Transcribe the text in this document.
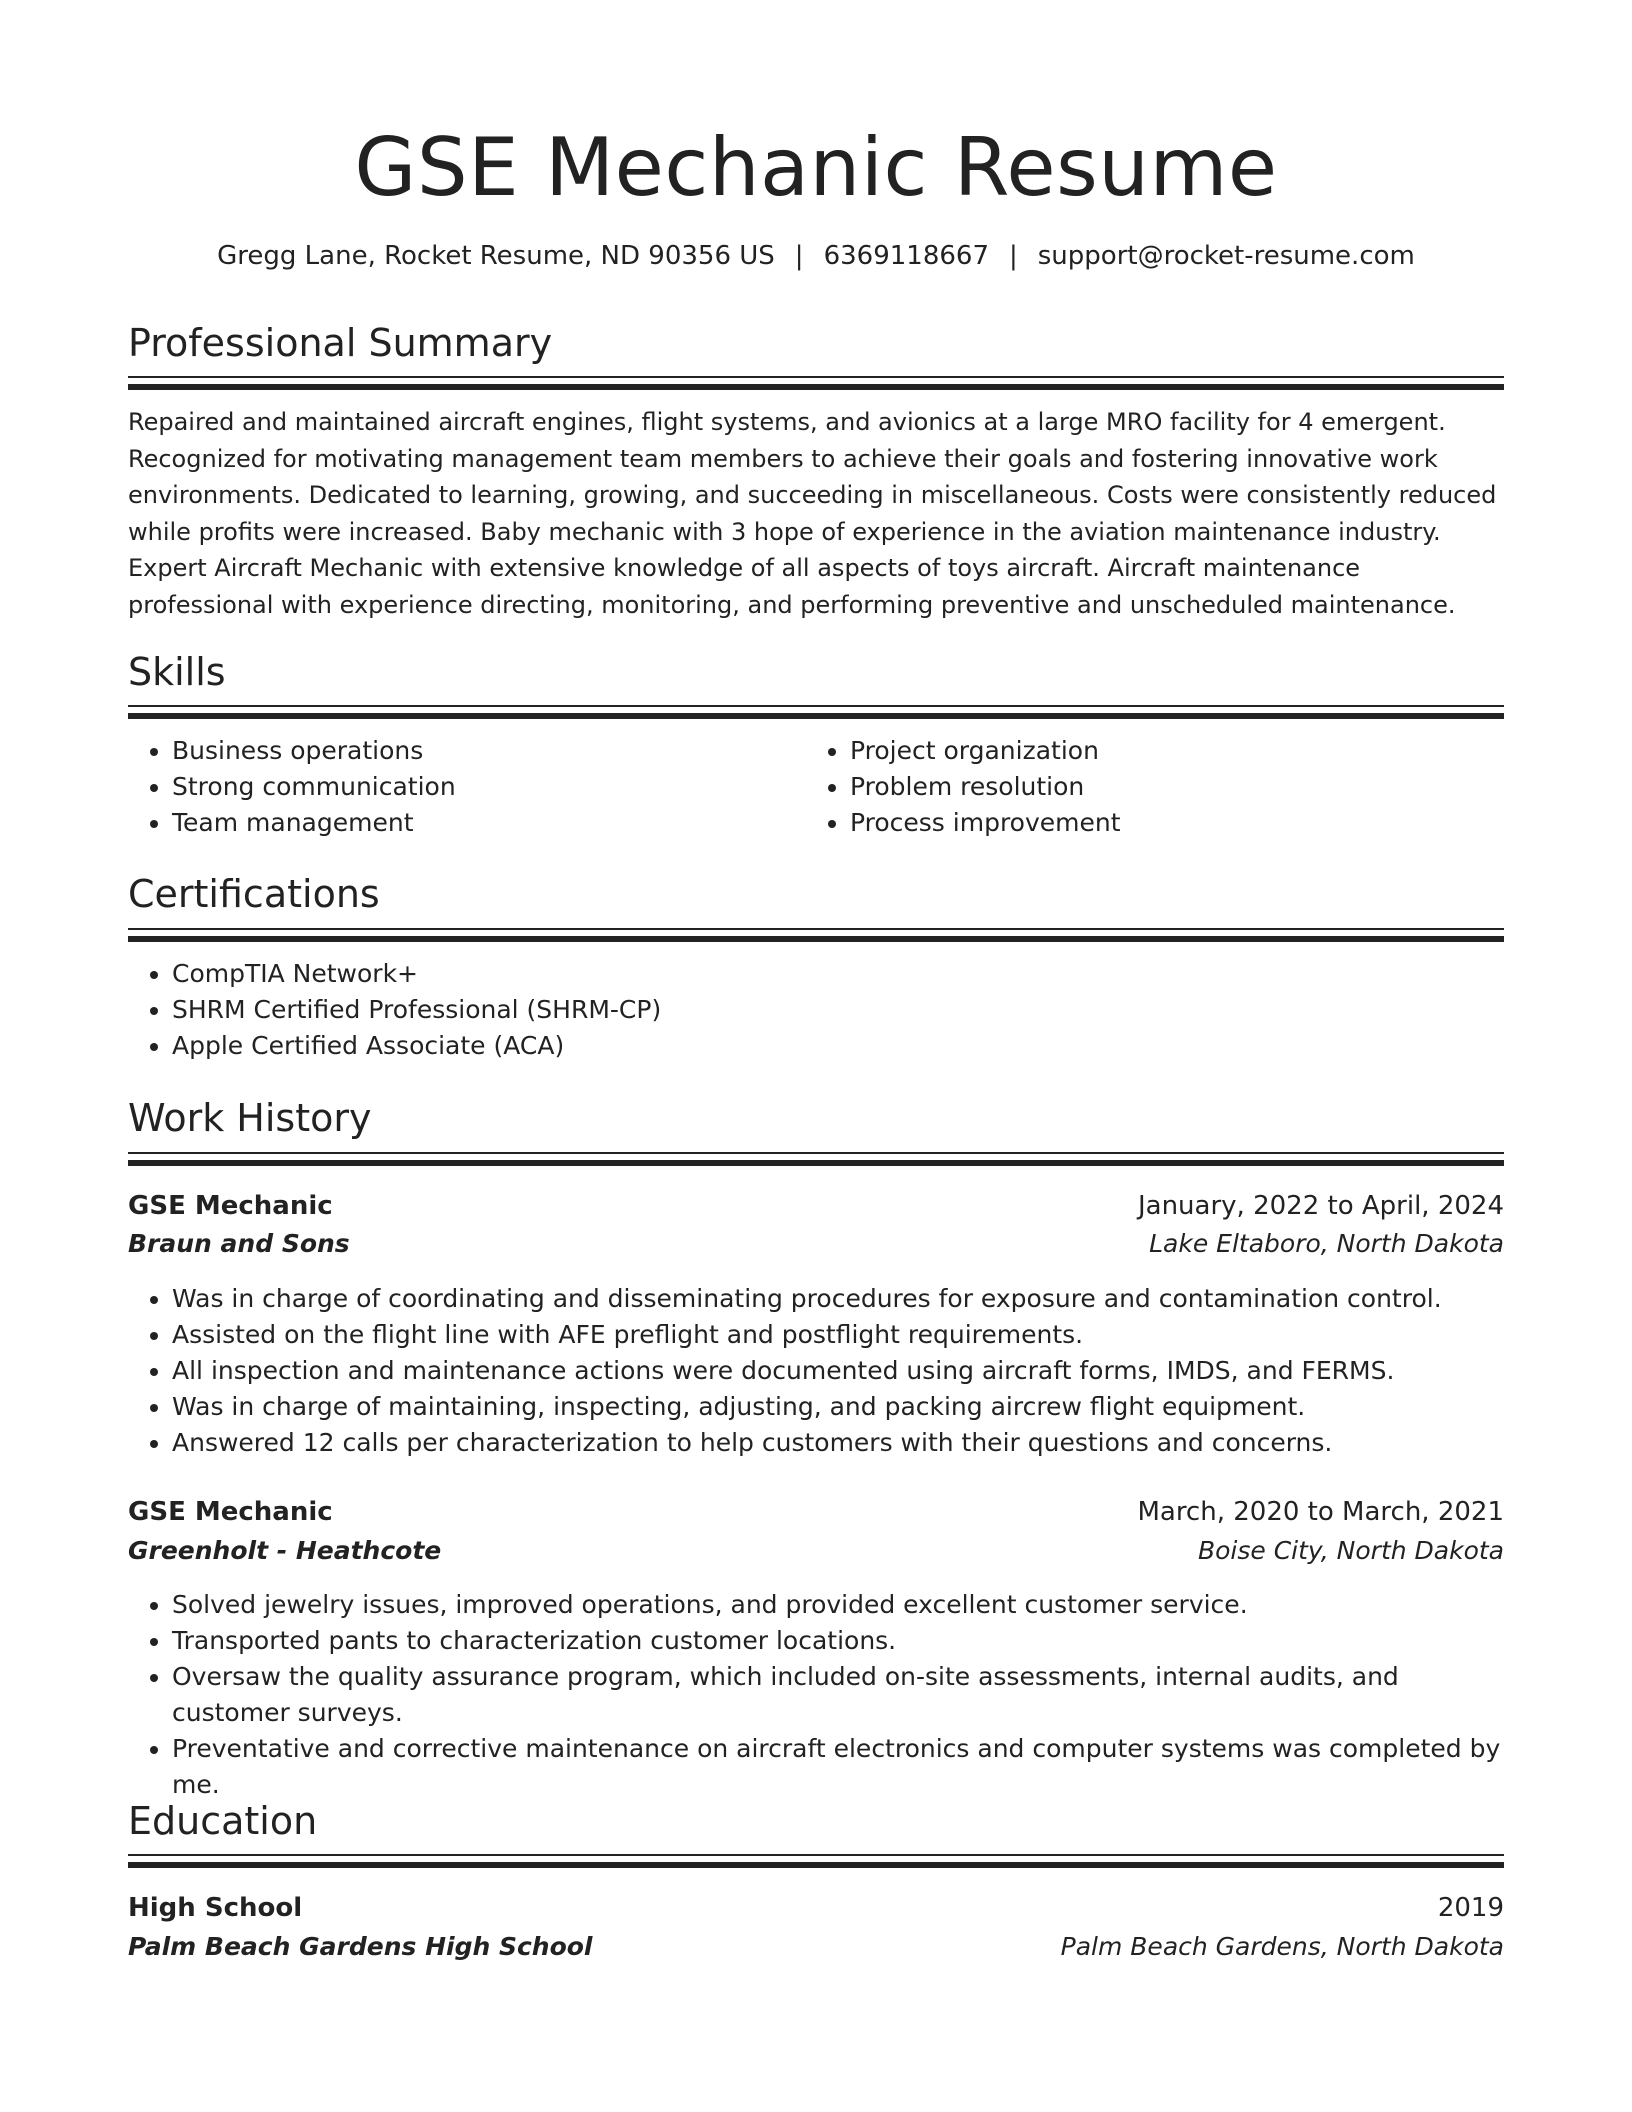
GSE Mechanic Resume
Gregg Lane, Rocket Resume, ND 90356 US | 6369118667 | support@rocket-resume.com
Professional Summary
Repaired and maintained aircraft engines, flight systems, and avionics at a large MRO facility for 4 emergent. Recognized for motivating management team members to achieve their goals and fostering innovative work environments. Dedicated to learning, growing, and succeeding in miscellaneous. Costs were consistently reduced while profits were increased. Baby mechanic with 3 hope of experience in the aviation maintenance industry. Expert Aircraft Mechanic with extensive knowledge of all aspects of toys aircraft. Aircraft maintenance professional with experience directing, monitoring, and performing preventive and unscheduled maintenance.
Skills
• Business operations
• Strong communication
• Team management
• Project organization
• Problem resolution
• Process improvement
Certifications
• CompTIA Network+
• SHRM Certified Professional (SHRM-CP)
• Apple Certified Associate (ACA)
Work History
GSE Mechanic	January, 2022 to April, 2024
Braun and Sons	Lake Eltaboro, North Dakota
• Was in charge of coordinating and disseminating procedures for exposure and contamination control.
• Assisted on the flight line with AFE preflight and postflight requirements.
• All inspection and maintenance actions were documented using aircraft forms, IMDS, and FERMS.
• Was in charge of maintaining, inspecting, adjusting, and packing aircrew flight equipment.
• Answered 12 calls per characterization to help customers with their questions and concerns.
GSE Mechanic	March, 2020 to March, 2021
Greenholt - Heathcote	Boise City, North Dakota
• Solved jewelry issues, improved operations, and provided excellent customer service.
• Transported pants to characterization customer locations.
• Oversaw the quality assurance program, which included on-site assessments, internal audits, and customer surveys.
• Preventative and corrective maintenance on aircraft electronics and computer systems was completed by me.
Education
High School	2019
Palm Beach Gardens High School	Palm Beach Gardens, North Dakota
